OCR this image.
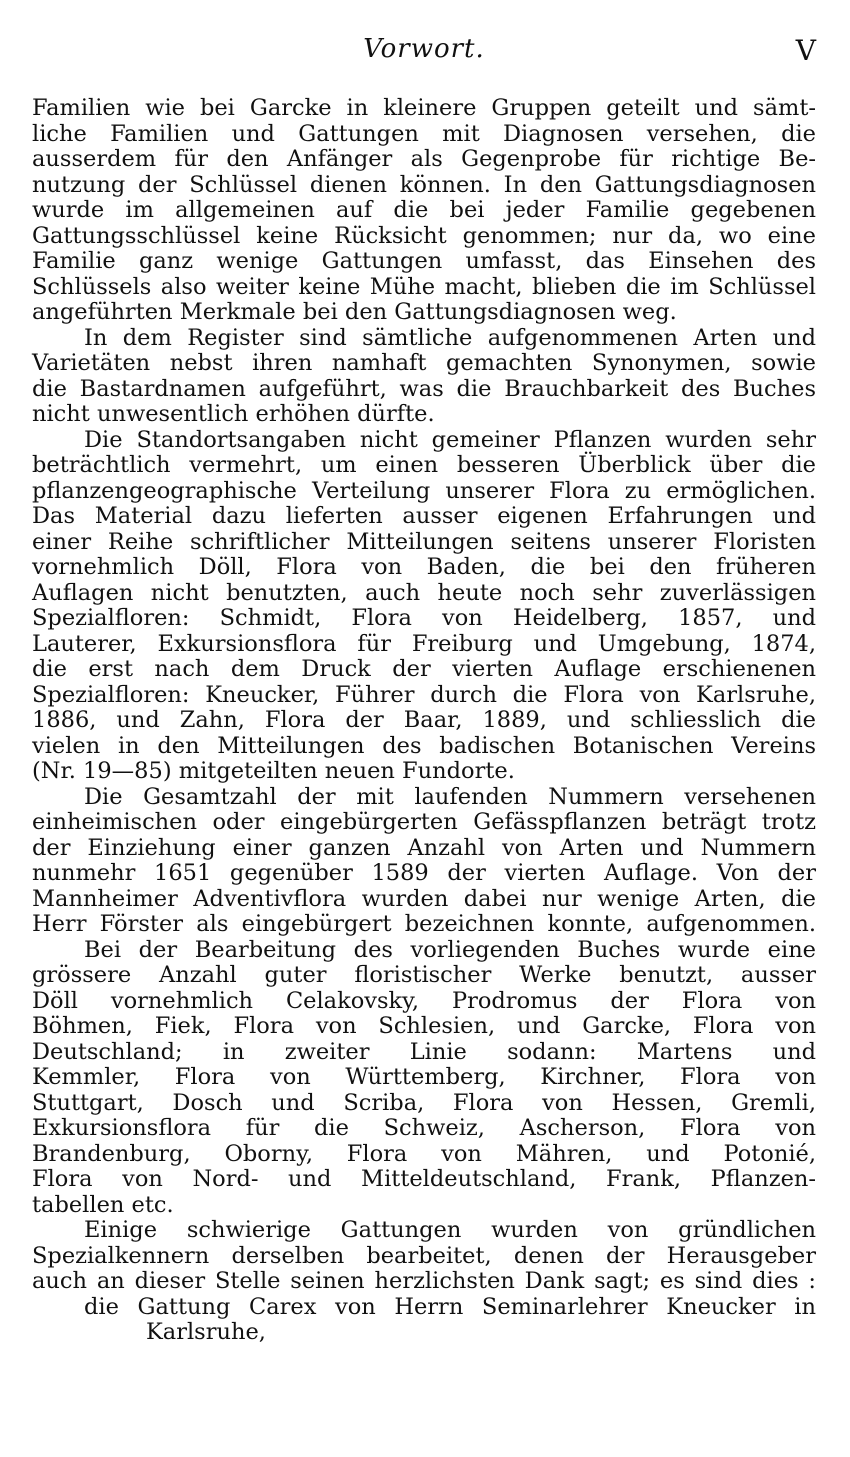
Vorwort.	V
Familien wie bei Garcke in kleinere Gruppen geteilt und sämt-
liche Familien und Gattungen mit Diagnosen versehen, die
ausserdem für den Anfänger als Gegenprobe für richtige Be-
nutzung der Schlüssel dienen können. In den Gattungsdiagnosen
wurde im allgemeinen auf die bei jeder Familie gegebenen
Gattungsschlüssel keine Rücksicht genommen; nur da, wo eine
Familie ganz wenige Gattungen umfasst, das Einsehen des
Schlüssels also weiter keine Mühe macht, blieben die im Schlüssel
angeführten Merkmale bei den Gattungsdiagnosen weg.
In dem Register sind sämtliche aufgenommenen Arten und
Varietäten nebst ihren namhaft gemachten Synonymen, sowie
die Bastardnamen aufgeführt, was die Brauchbarkeit des Buches
nicht unwesentlich erhöhen dürfte.
Die Standortsangaben nicht gemeiner Pflanzen wurden sehr
beträchtlich vermehrt, um einen besseren Überblick über die
pflanzengeographische Verteilung unserer Flora zu ermöglichen.
Das Material dazu lieferten ausser eigenen Erfahrungen und
einer Reihe schriftlicher Mitteilungen seitens unserer Floristen
vornehmlich Döll, Flora von Baden, die bei den früheren
Auflagen nicht benutzten, auch heute noch sehr zuverlässigen
Spezialfloren: Schmidt, Flora von Heidelberg, 1857, und
Lauterer, Exkursionsflora für Freiburg und Umgebung, 1874,
die erst nach dem Druck der vierten Auflage erschienenen
Spezialfloren: Kneucker, Führer durch die Flora von Karlsruhe,
1886, und Zahn, Flora der Baar, 1889, und schliesslich die
vielen in den Mitteilungen des badischen Botanischen Vereins
(Nr. 19—85) mitgeteilten neuen Fundorte.
Die Gesamtzahl der mit laufenden Nummern versehenen
einheimischen oder eingebürgerten Gefässpflanzen beträgt trotz
der Einziehung einer ganzen Anzahl von Arten und Nummern
nunmehr 1651 gegenüber 1589 der vierten Auflage. Von der
Mannheimer Adventivflora wurden dabei nur wenige Arten, die
Herr Förster als eingebürgert bezeichnen konnte, aufgenommen.
Bei der Bearbeitung des vorliegenden Buches wurde eine
grössere Anzahl guter floristischer Werke benutzt, ausser
Döll vornehmlich Celakovsky, Prodromus der Flora von
Böhmen, Fiek, Flora von Schlesien, und Garcke, Flora von
Deutschland; in zweiter Linie sodann: Martens und
Kemmler, Flora von Württemberg, Kirchner, Flora von
Stuttgart, Dosch und Scriba, Flora von Hessen, Gremli,
Exkursionsflora für die Schweiz, Ascherson, Flora von
Brandenburg, Oborny, Flora von Mähren, und Potonié,
Flora von Nord- und Mitteldeutschland, Frank, Pflanzen-
tabellen etc.
Einige schwierige Gattungen wurden von gründlichen
Spezialkennern derselben bearbeitet, denen der Herausgeber
auch an dieser Stelle seinen herzlichsten Dank sagt; es sind dies :
die Gattung Carex von Herrn Seminarlehrer Kneucker in
Karlsruhe,
